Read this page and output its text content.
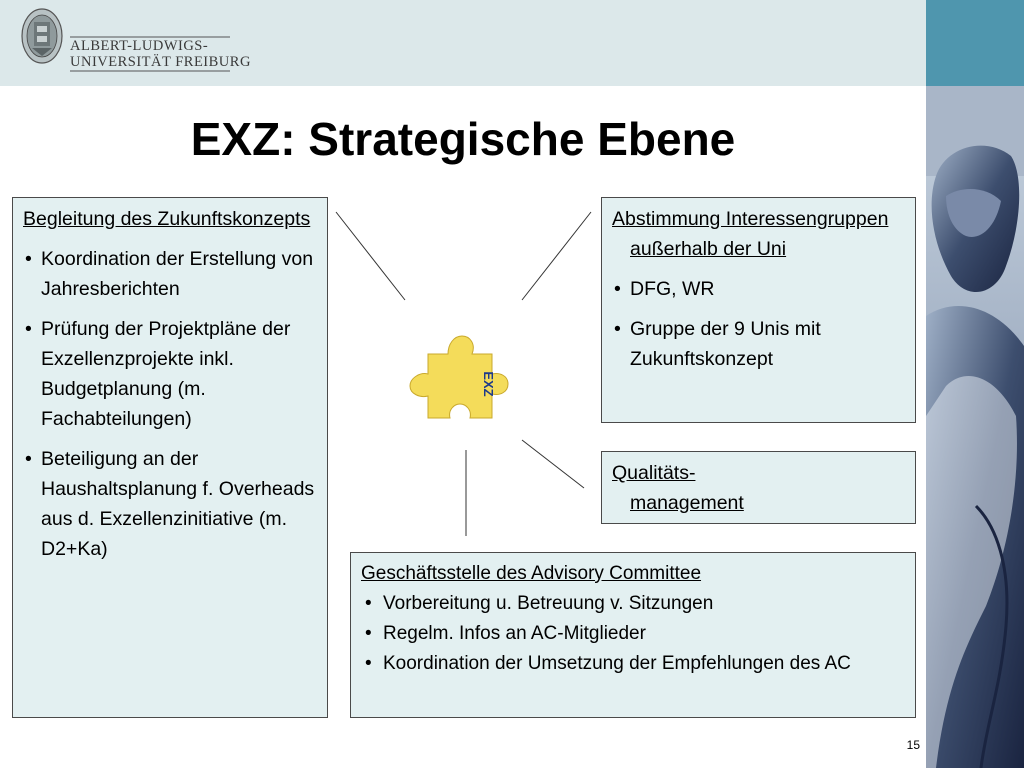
ALBERT-LUDWIGS-
UNIVERSITÄT FREIBURG
EXZ: Strategische Ebene
EXZ
Begleitung des Zukunftskonzepts
• Koordination der Erstellung von Jahresberichten
• Prüfung der Projektpläne der Exzellenzprojekte inkl. Budgetplanung (m. Fachabteilungen)
• Beteiligung an der Haushaltsplanung f. Overheads aus d. Exzellenzinitiative (m. D2+Ka)
Abstimmung Interessengruppen außerhalb der Uni
• DFG, WR
• Gruppe der 9 Unis mit Zukunftskonzept
Qualitäts-management
Geschäftsstelle des Advisory Committee
• Vorbereitung u. Betreuung v. Sitzungen
• Regelm. Infos an AC-Mitglieder
• Koordination der Umsetzung der Empfehlungen des AC
15
